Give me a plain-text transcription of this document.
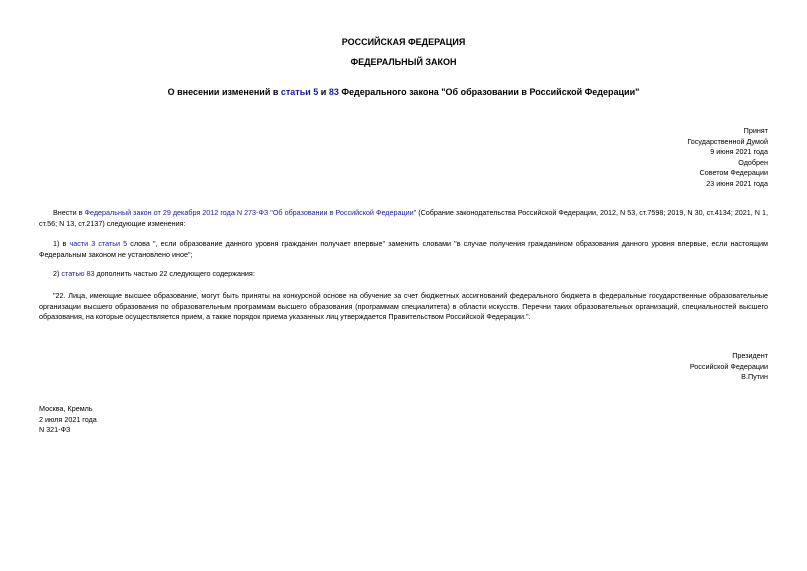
РОССИЙСКАЯ ФЕДЕРАЦИЯ
ФЕДЕРАЛЬНЫЙ ЗАКОН
О внесении изменений в статьи 5 и 83 Федерального закона "Об образовании в Российской Федерации"
Принят
Государственной Думой
9 июня 2021 года
Одобрен
Советом Федерации
23 июня 2021 года
Внести в Федеральный закон от 29 декабря 2012 года N 273-ФЗ "Об образовании в Российской Федерации" (Собрание законодательства Российской Федерации, 2012, N 53, ст.7598; 2019, N 30, ст.4134; 2021, N 1, ст.56; N 13, ст.2137) следующие изменения:
1) в части 3 статьи 5 слова ", если образование данного уровня гражданин получает впервые" заменить словами "в случае получения гражданином образования данного уровня впервые, если настоящим Федеральным законом не установлено иное";
2) статью 83 дополнить частью 22 следующего содержания:
"22. Лица, имеющие высшее образование, могут быть приняты на конкурсной основе на обучение за счет бюджетных ассигнований федерального бюджета в федеральные государственные образовательные организации высшего образования по образовательным программам высшего образования (программам специалитета) в области искусств. Перечни таких образовательных организаций, специальностей высшего образования, на которые осуществляется прием, а также порядок приема указанных лиц утверждается Правительством Российской Федерации.".
Президент
Российской Федерации
В.Путин
Москва, Кремль
2 июля 2021 года
N 321-ФЗ
